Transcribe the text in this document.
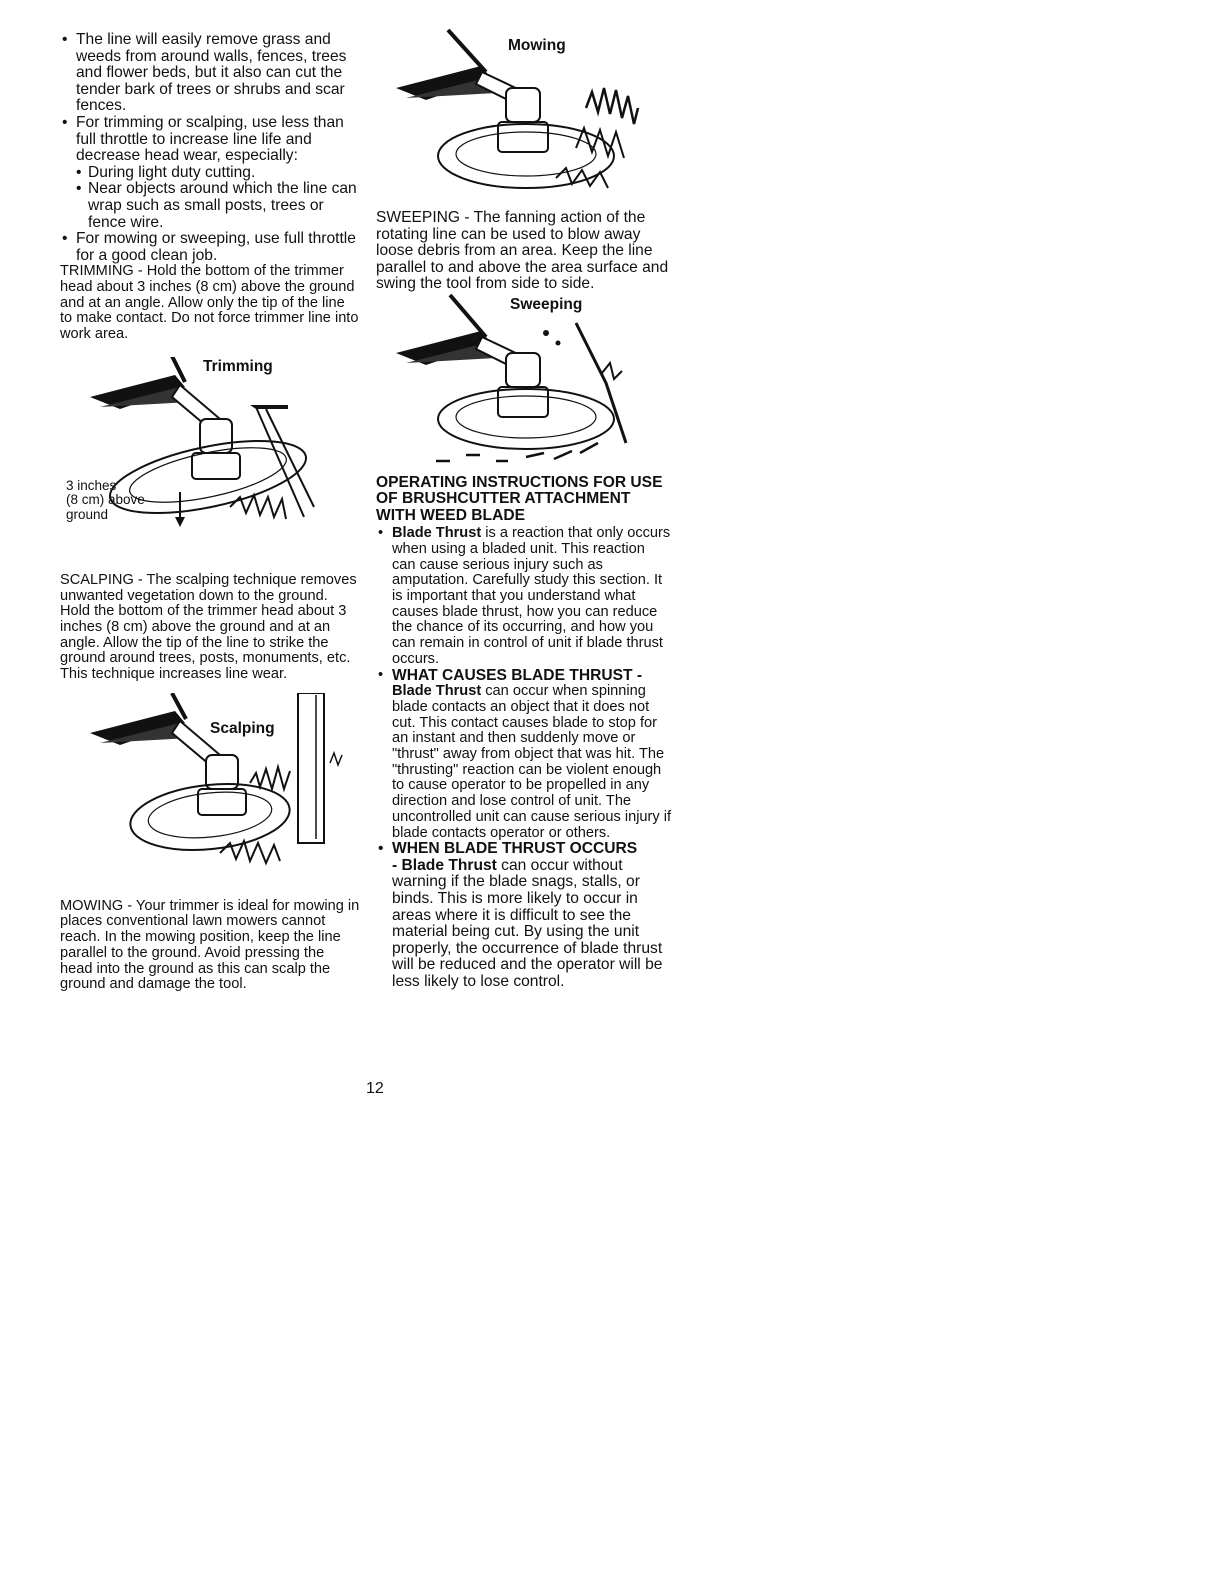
• The line will easily remove grass and weeds from around walls, fences, trees and flower beds, but it also can cut the tender bark of trees or shrubs and scar fences.
• For trimming or scalping, use less than full throttle to increase line life and decrease head wear, especially:
• During light duty cutting.
• Near objects around which the line can wrap such as small posts, trees or fence wire.
• For mowing or sweeping, use full throttle for a good clean job.

TRIMMING - Hold the bottom of the trimmer head about 3 inches (8 cm) above the ground and at an angle. Allow only the tip of the line to make contact. Do not force trimmer line into work area.

Trimming
3 inches
(8 cm) above
ground

SCALPING - The scalping technique removes unwanted vegetation down to the ground. Hold the bottom of the trimmer head about 3 inches (8 cm) above the ground and at an angle. Allow the tip of the line to strike the ground around trees, posts, monuments, etc. This technique increases line wear.

Scalping

MOWING - Your trimmer is ideal for mowing in places conventional lawn mowers cannot reach. In the mowing position, keep the line parallel to the ground. Avoid pressing the head into the ground as this can scalp the ground and damage the tool.

Mowing

SWEEPING - The fanning action of the rotating line can be used to blow away loose debris from an area. Keep the line parallel to and above the area surface and swing the tool from side to side.

Sweeping
OPERATING INSTRUCTIONS FOR USE OF BRUSHCUTTER ATTACHMENT WITH WEED BLADE
• Blade Thrust is a reaction that only occurs when using a bladed unit. This reaction can cause serious injury such as amputation. Carefully study this section. It is important that you understand what causes blade thrust, how you can reduce the chance of its occurring, and how you can remain in control of unit if blade thrust occurs.
• WHAT CAUSES BLADE THRUST -
Blade Thrust can occur when spinning blade contacts an object that it does not cut. This contact causes blade to stop for an instant and then suddenly move or "thrust" away from object that was hit. The "thrusting" reaction can be violent enough to cause operator to be propelled in any direction and lose control of unit. The uncontrolled unit can cause serious injury if blade contacts operator or others.
• WHEN BLADE THRUST OCCURS
- Blade Thrust can occur without warning if the blade snags, stalls, or binds. This is more likely to occur in areas where it is difficult to see the material being cut. By using the unit properly, the occurrence of blade thrust will be reduced and the operator will be less likely to lose control.
12
